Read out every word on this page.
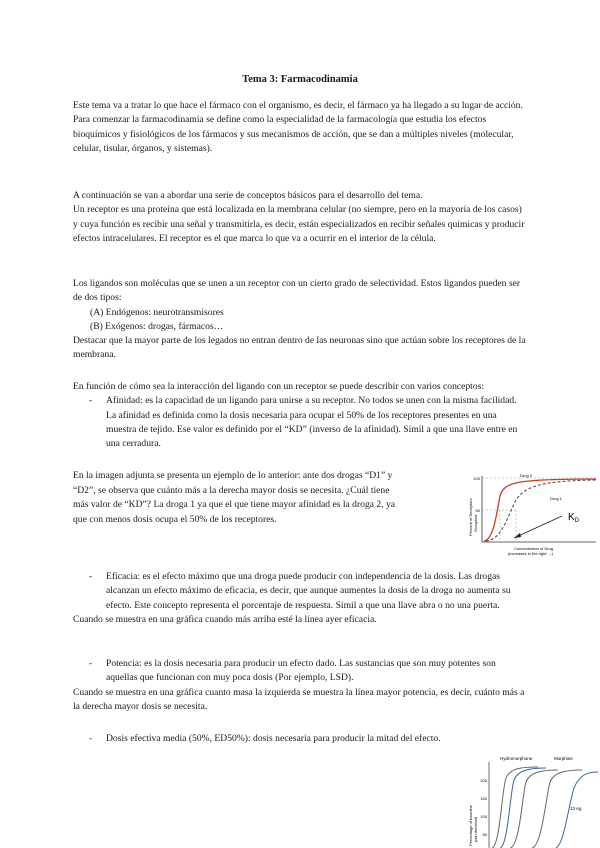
Tema 3: Farmacodinamia

Este tema va a tratar lo que hace el fármaco con el organismo, es decir, el fármaco ya ha llegado a su lugar de acción.

Para comenzar la farmacodinamia se define como la especialidad de la farmacología que estudia los efectos bioquímicos y fisiológicos de los fármacos y sus mecanismos de acción, que se dan a múltiples niveles (molecular, celular, tisular, órganos, y sistemas).

A continuación se van a abordar una serie de conceptos básicos para el desarrollo del tema.

Un receptor es una proteína que está localizada en la membrana celular (no siempre, pero en la mayoría de los casos) y cuya función es recibir una señal y transmitirla, es decir, están especializados en recibir señales químicas y producir efectos intracelulares. El receptor es el que marca lo que va a ocurrir en el interior de la célula.

Los ligandos son moléculas que se unen a un receptor con un cierto grado de selectividad. Estos ligandos pueden ser de dos tipos:

(A) Endógenos: neurotransmisores

(B) Exógenos: drogas, fármacos…

Destacar que la mayor parte de los legados no entran dentro de las neuronas sino que actúan sobre los receptores de la membrana.

En función de cómo sea la interacción del ligando con un receptor se puede describir con varios conceptos:

- Afinidad: es la capacidad de un ligando para unirse a su receptor. No todos se unen con la misma facilidad. La afinidad es definida como la dosis necesaria para ocupar el 50% de los receptores presentes en una muestra de tejido. Ese valor es definido por el “KD” (inverso de la afinidad). Símil a que una llave entre en una cerradura.

En la imagen adjunta se presenta un ejemplo de lo anterior: ante dos drogas “D1” y

“D2”, se observa que cuánto más a la derecha mayor dosis se necesita. ¿Cuál tiene

más valor de “KD”? La droga 1 ya que el que tiene mayor afinidad es la droga 2, ya

que con menos dosis ocupa el 50% de los receptores.

- Eficacia: es el efecto máximo que una droga puede producir con independencia de la dosis. Las drogas alcanzan un efecto máximo de eficacia, es decir, que aunque aumentes la dosis de la droga no aumenta su efecto. Este concepto representa el porcentaje de respuesta. Símil a que una llave abra o no una puerta.

Cuando se muestra en una gráfica cuando más arriba esté la línea ayer eficacia.

- Potencia: es la dosis necesaria para producir un efecto dado. Las sustancias que son muy potentes son aquellas que funcionan con muy poca dosis (Por ejemplo, LSD).

Cuando se muestra en una gráfica cuanto masa la izquierda se muestra la línea mayor potencia, es decir, cuánto más a la derecha mayor dosis se necesita.

- Dosis efectiva media (50%, ED50%): dosis necesaria para producir la mitad del efecto.
100
50
Drug 2
Drug 1
$K_D$
Concentration of Drug
(increases to the right →)
Percent of Receptors Occupied
Hydromorphone	Morphine
200
150
100
50
Percentage of baseline pain threshold
13 Ag
